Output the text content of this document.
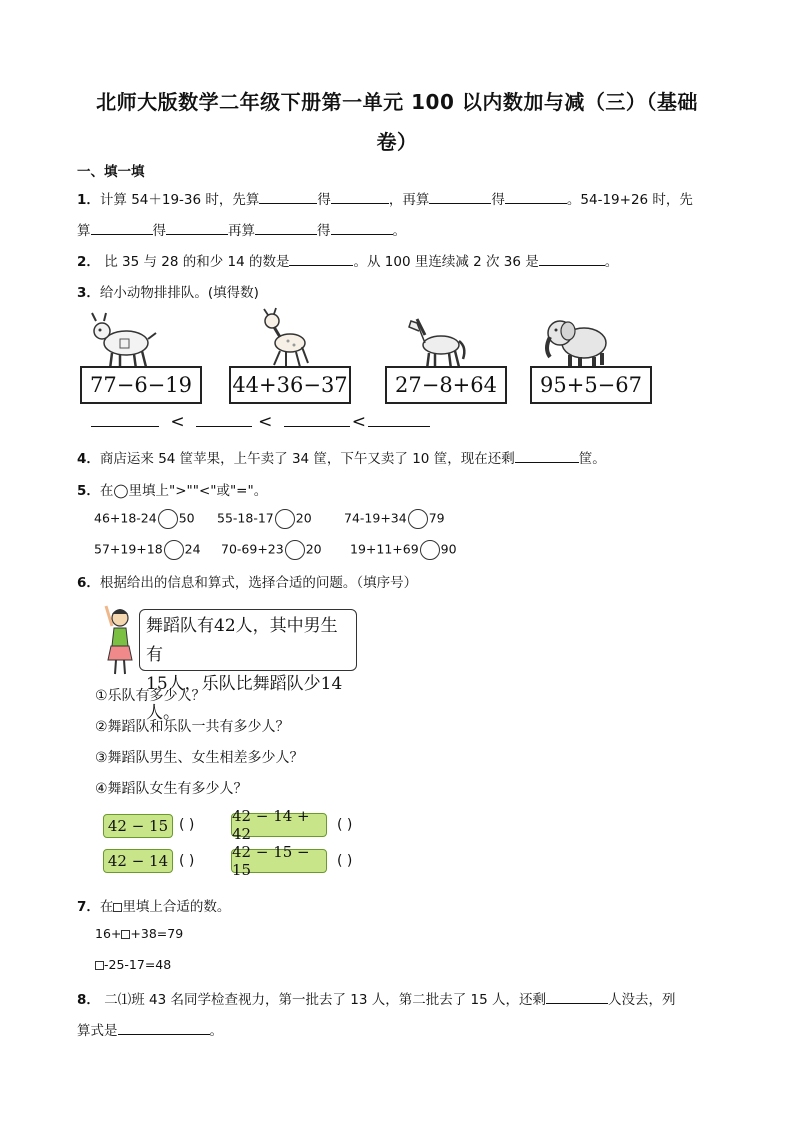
北师大版数学二年级下册第一单元 100 以内数加与减（三）（基础
卷）
一、填一填
1．计算 54＋19-36 时，先算	得	，再算	得	。54-19+26 时，先
算	得	再算	得	。
2． 比 35 与 28 的和少 14 的数是	。从 100 里连续减 2 次 36 是	。
3．给小动物排排队。(填得数)
77−6−19	44+36−37	27−8+64	95+5−67
<	<	<
4．商店运来 54 筐苹果，上午卖了 34 筐，下午又卖了 10 筐，现在还剩	筐。
5．在◯里填上">""<"或"="。
46+18-24 50 55-18-17 20	74-19+34 79
57+19+18 24 70-69+23 20 19+11+69 90
6．根据给出的信息和算式，选择合适的问题。（填序号）
舞蹈队有42人，其中男生有
15人，乐队比舞蹈队少14人。
①乐队有多少人？
②舞蹈队和乐队一共有多少人？
③舞蹈队男生、女生相差多少人？
④舞蹈队女生有多少人？
42 − 15 ( )	42 − 14 + 42	( )
42 − 14 ( )	42 − 15 − 15	( )
7．在 里填上合适的数。
16+ +38=79
-25-17=48
8． 二⑴班 43 名同学检查视力，第一批去了 13 人，第二批去了 15 人，还剩	人没去，列
算式是	。
